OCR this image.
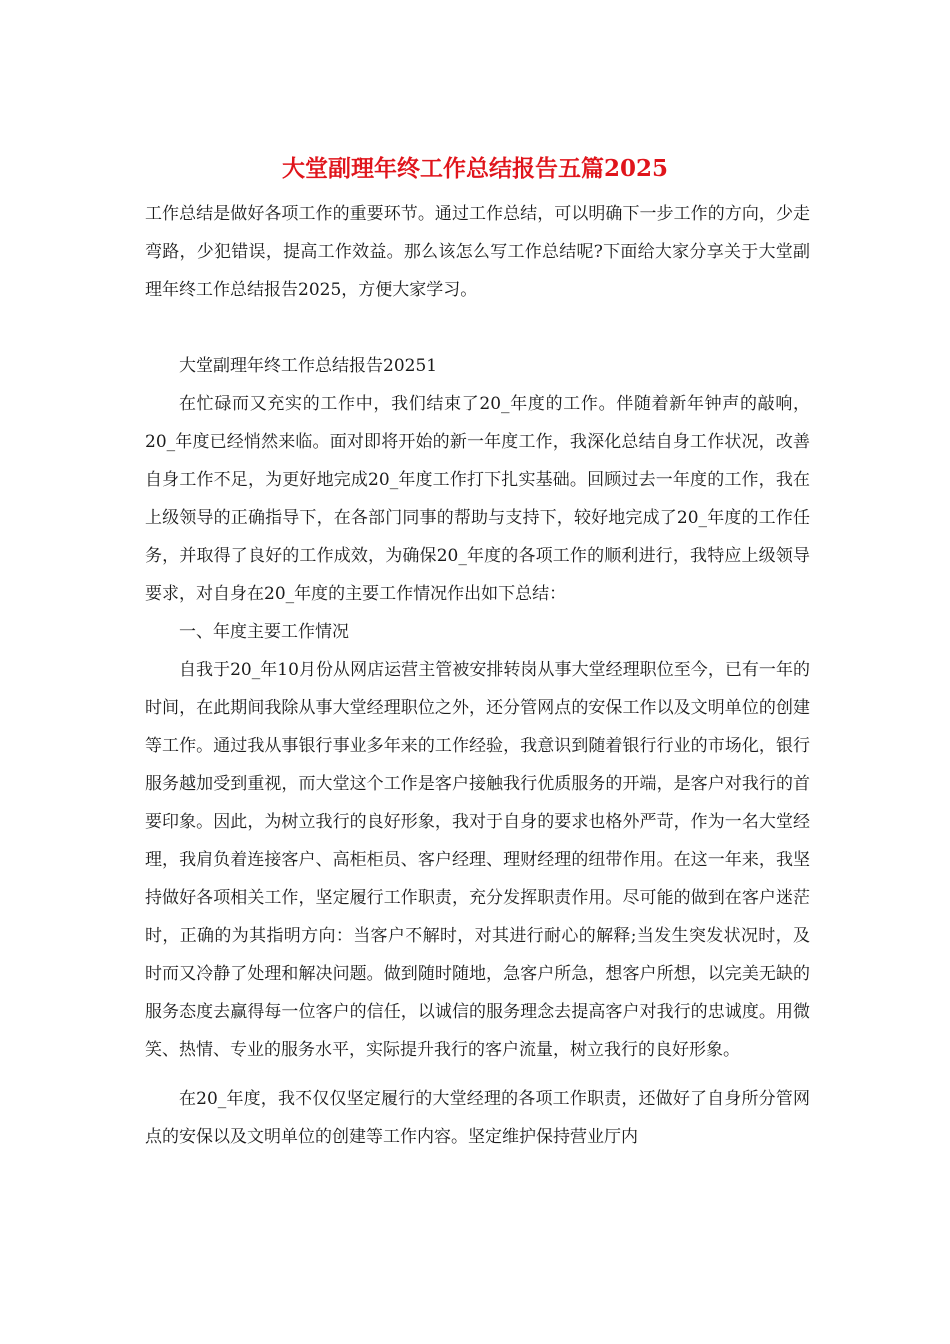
大堂副理年终工作总结报告五篇2025

工作总结是做好各项工作的重要环节。通过工作总结，可以明确下一步工作的方向，少走弯路，少犯错误，提高工作效益。那么该怎么写工作总结呢?下面给大家分享关于大堂副理年终工作总结报告2025，方便大家学习。

大堂副理年终工作总结报告20251

在忙碌而又充实的工作中，我们结束了20_年度的工作。伴随着新年钟声的敲响，20_年度已经悄然来临。面对即将开始的新一年度工作，我深化总结自身工作状况，改善自身工作不足，为更好地完成20_年度工作打下扎实基础。回顾过去一年度的工作，我在上级领导的正确指导下，在各部门同事的帮助与支持下，较好地完成了20_年度的工作任务，并取得了良好的工作成效，为确保20_年度的各项工作的顺利进行，我特应上级领导要求，对自身在20_年度的主要工作情况作出如下总结：

一、年度主要工作情况

自我于20_年10月份从网店运营主管被安排转岗从事大堂经理职位至今，已有一年的时间，在此期间我除从事大堂经理职位之外，还分管网点的安保工作以及文明单位的创建等工作。通过我从事银行事业多年来的工作经验，我意识到随着银行行业的市场化，银行服务越加受到重视，而大堂这个工作是客户接触我行优质服务的开端，是客户对我行的首要印象。因此，为树立我行的良好形象，我对于自身的要求也格外严苛，作为一名大堂经理，我肩负着连接客户、高柜柜员、客户经理、理财经理的纽带作用。在这一年来，我坚持做好各项相关工作，坚定履行工作职责，充分发挥职责作用。尽可能的做到在客户迷茫时，正确的为其指明方向：当客户不解时，对其进行耐心的解释;当发生突发状况时，及时而又冷静了处理和解决问题。做到随时随地，急客户所急，想客户所想，以完美无缺的服务态度去赢得每一位客户的信任，以诚信的服务理念去提高客户对我行的忠诚度。用微笑、热情、专业的服务水平，实际提升我行的客户流量，树立我行的良好形象。

在20_年度，我不仅仅坚定履行的大堂经理的各项工作职责，还做好了自身所分管网点的安保以及文明单位的创建等工作内容。坚定维护保持营业厅内
